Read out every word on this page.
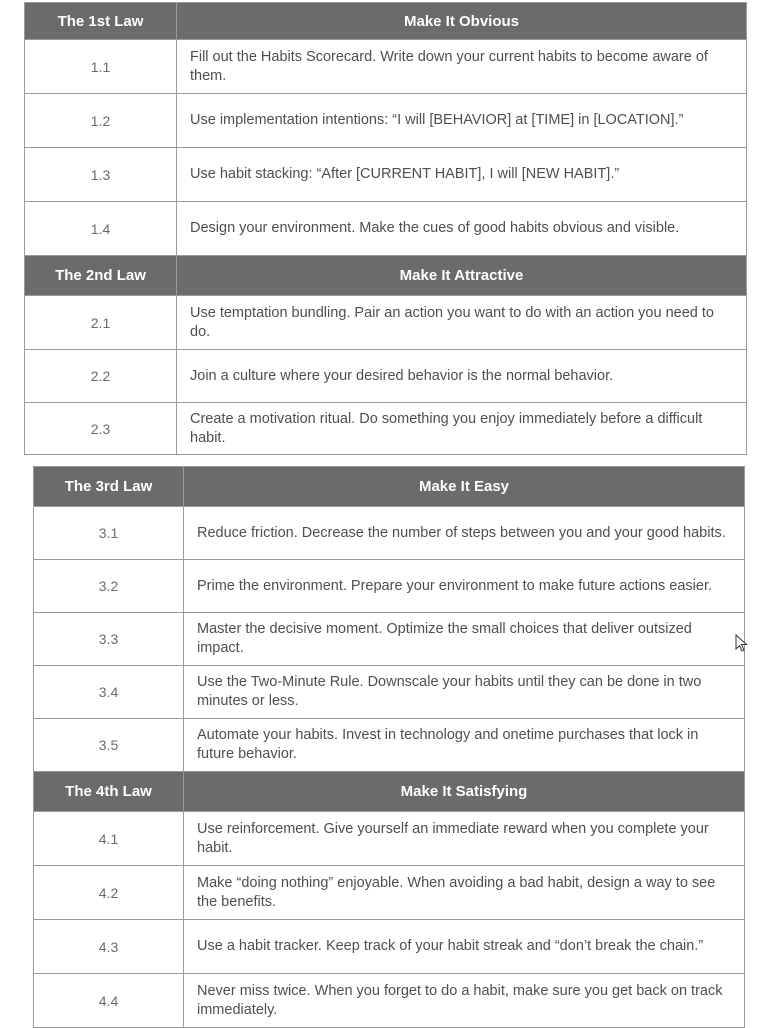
The 1st Law	Make It Obvious
1.1	Fill out the Habits Scorecard. Write down your current habits to become aware of them.
1.2	Use implementation intentions: “I will [BEHAVIOR] at [TIME] in [LOCATION].”
1.3	Use habit stacking: “After [CURRENT HABIT], I will [NEW HABIT].”
1.4	Design your environment. Make the cues of good habits obvious and visible.
The 2nd Law	Make It Attractive
2.1	Use temptation bundling. Pair an action you want to do with an action you need to do.
2.2	Join a culture where your desired behavior is the normal behavior.
2.3	Create a motivation ritual. Do something you enjoy immediately before a difficult habit.
The 3rd Law	Make It Easy
3.1	Reduce friction. Decrease the number of steps between you and your good habits.
3.2	Prime the environment. Prepare your environment to make future actions easier.
3.3	Master the decisive moment. Optimize the small choices that deliver outsized impact.
3.4	Use the Two-Minute Rule. Downscale your habits until they can be done in two minutes or less.
3.5	Automate your habits. Invest in technology and onetime purchases that lock in future behavior.
The 4th Law	Make It Satisfying
4.1	Use reinforcement. Give yourself an immediate reward when you complete your habit.
4.2	Make “doing nothing” enjoyable. When avoiding a bad habit, design a way to see the benefits.
4.3	Use a habit tracker. Keep track of your habit streak and “don’t break the chain.”
4.4	Never miss twice. When you forget to do a habit, make sure you get back on track immediately.
